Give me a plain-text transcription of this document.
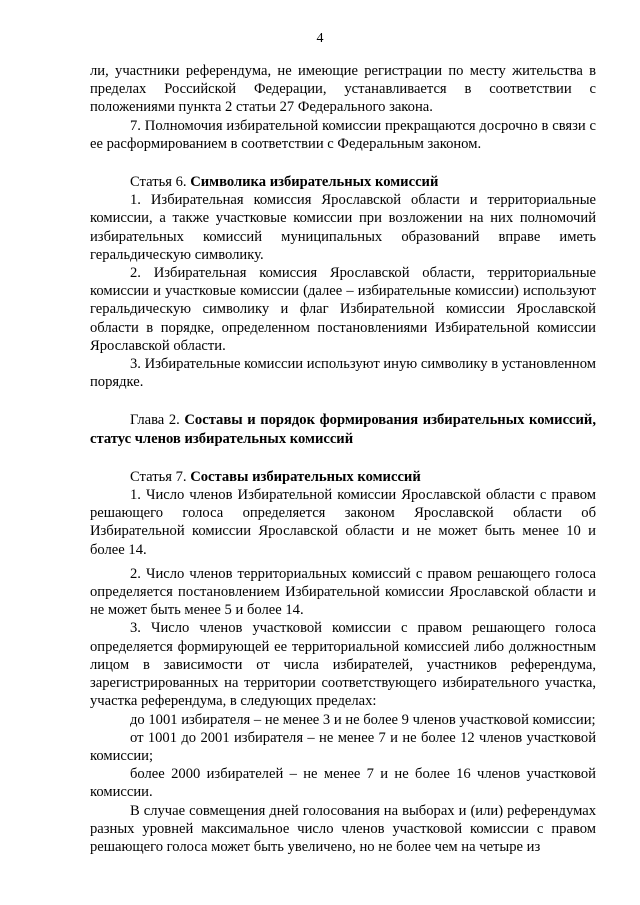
4

ли, участники референдума, не имеющие регистрации по месту жительства в пределах Российской Федерации, устанавливается в соответствии с положениями пункта 2 статьи 27 Федерального закона.

7. Полномочия избирательной комиссии прекращаются досрочно в связи с ее расформированием в соответствии с Федеральным законом.

Статья 6. Символика избирательных комиссий

1. Избирательная комиссия Ярославской области и территориальные комиссии, а также участковые комиссии при возложении на них полномочий избирательных комиссий муниципальных образований вправе иметь геральдическую символику.

2. Избирательная комиссия Ярославской области, территориальные комиссии и участковые комиссии (далее – избирательные комиссии) используют геральдическую символику и флаг Избирательной комиссии Ярославской области в порядке, определенном постановлениями Избирательной комиссии Ярославской области.

3. Избирательные комиссии используют иную символику в установленном порядке.

Глава 2. Составы и порядок формирования избирательных комиссий, статус членов избирательных комиссий

Статья 7. Составы избирательных комиссий

1. Число членов Избирательной комиссии Ярославской области с правом решающего голоса определяется законом Ярославской области об Избирательной комиссии Ярославской области и не может быть менее 10 и более 14.

2. Число членов территориальных комиссий с правом решающего голоса определяется постановлением Избирательной комиссии Ярославской области и не может быть менее 5 и более 14.

3. Число членов участковой комиссии с правом решающего голоса определяется формирующей ее территориальной комиссией либо должностным лицом в зависимости от числа избирателей, участников референдума, зарегистрированных на территории соответствующего избирательного участка, участка референдума, в следующих пределах:

до 1001 избирателя – не менее 3 и не более 9 членов участковой комиссии;

от 1001 до 2001 избирателя – не менее 7 и не более 12 членов участковой комиссии;

более 2000 избирателей – не менее 7 и не более 16 членов участковой комиссии.

В случае совмещения дней голосования на выборах и (или) референдумах разных уровней максимальное число членов участковой комиссии с правом решающего голоса может быть увеличено, но не более чем на четыре из
